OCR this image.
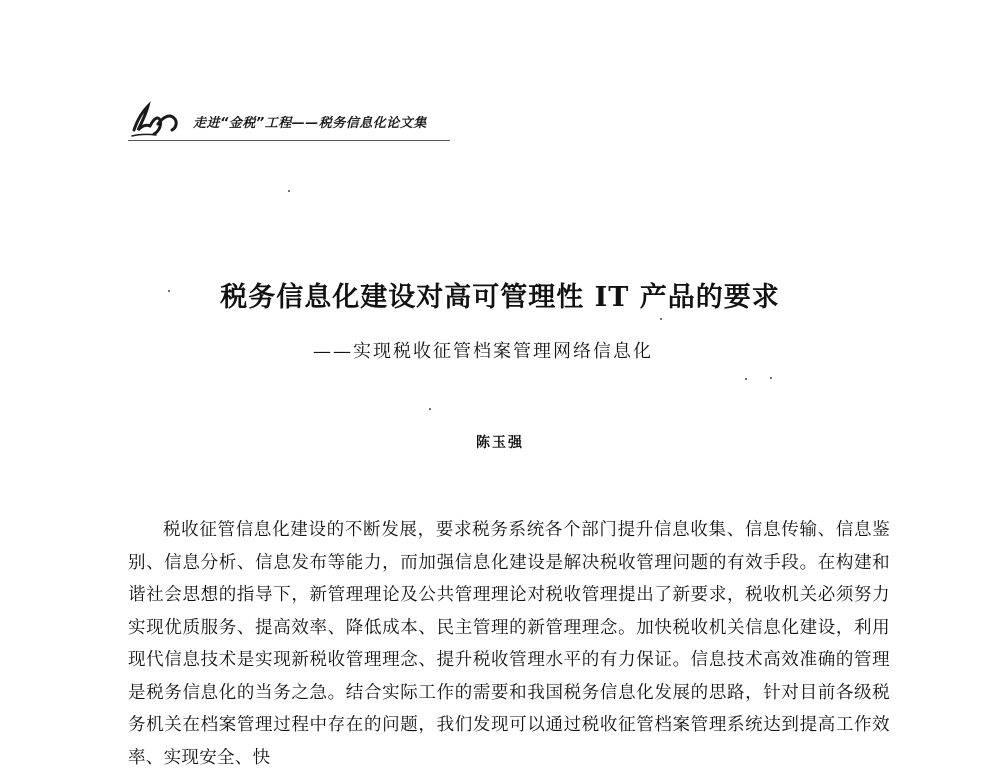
走进“金税”工程——税务信息化论文集
税务信息化建设对高可管理性 IT 产品的要求
——实现税收征管档案管理网络信息化
陈玉强

税收征管信息化建设的不断发展，要求税务系统各个部门提升信息收集、信息传输、信息鉴别、信息分析、信息发布等能力，而加强信息化建设是解决税收管理问题的有效手段。在构建和谐社会思想的指导下，新管理理论及公共管理理论对税收管理提出了新要求，税收机关必须努力实现优质服务、提高效率、降低成本、民主管理的新管理理念。加快税收机关信息化建设，利用现代信息技术是实现新税收管理理念、提升税收管理水平的有力保证。信息技术高效准确的管理是税务信息化的当务之急。结合实际工作的需要和我国税务信息化发展的思路，针对目前各级税务机关在档案管理过程中存在的问题，我们发现可以通过税收征管档案管理系统达到提高工作效率、实现安全、快
